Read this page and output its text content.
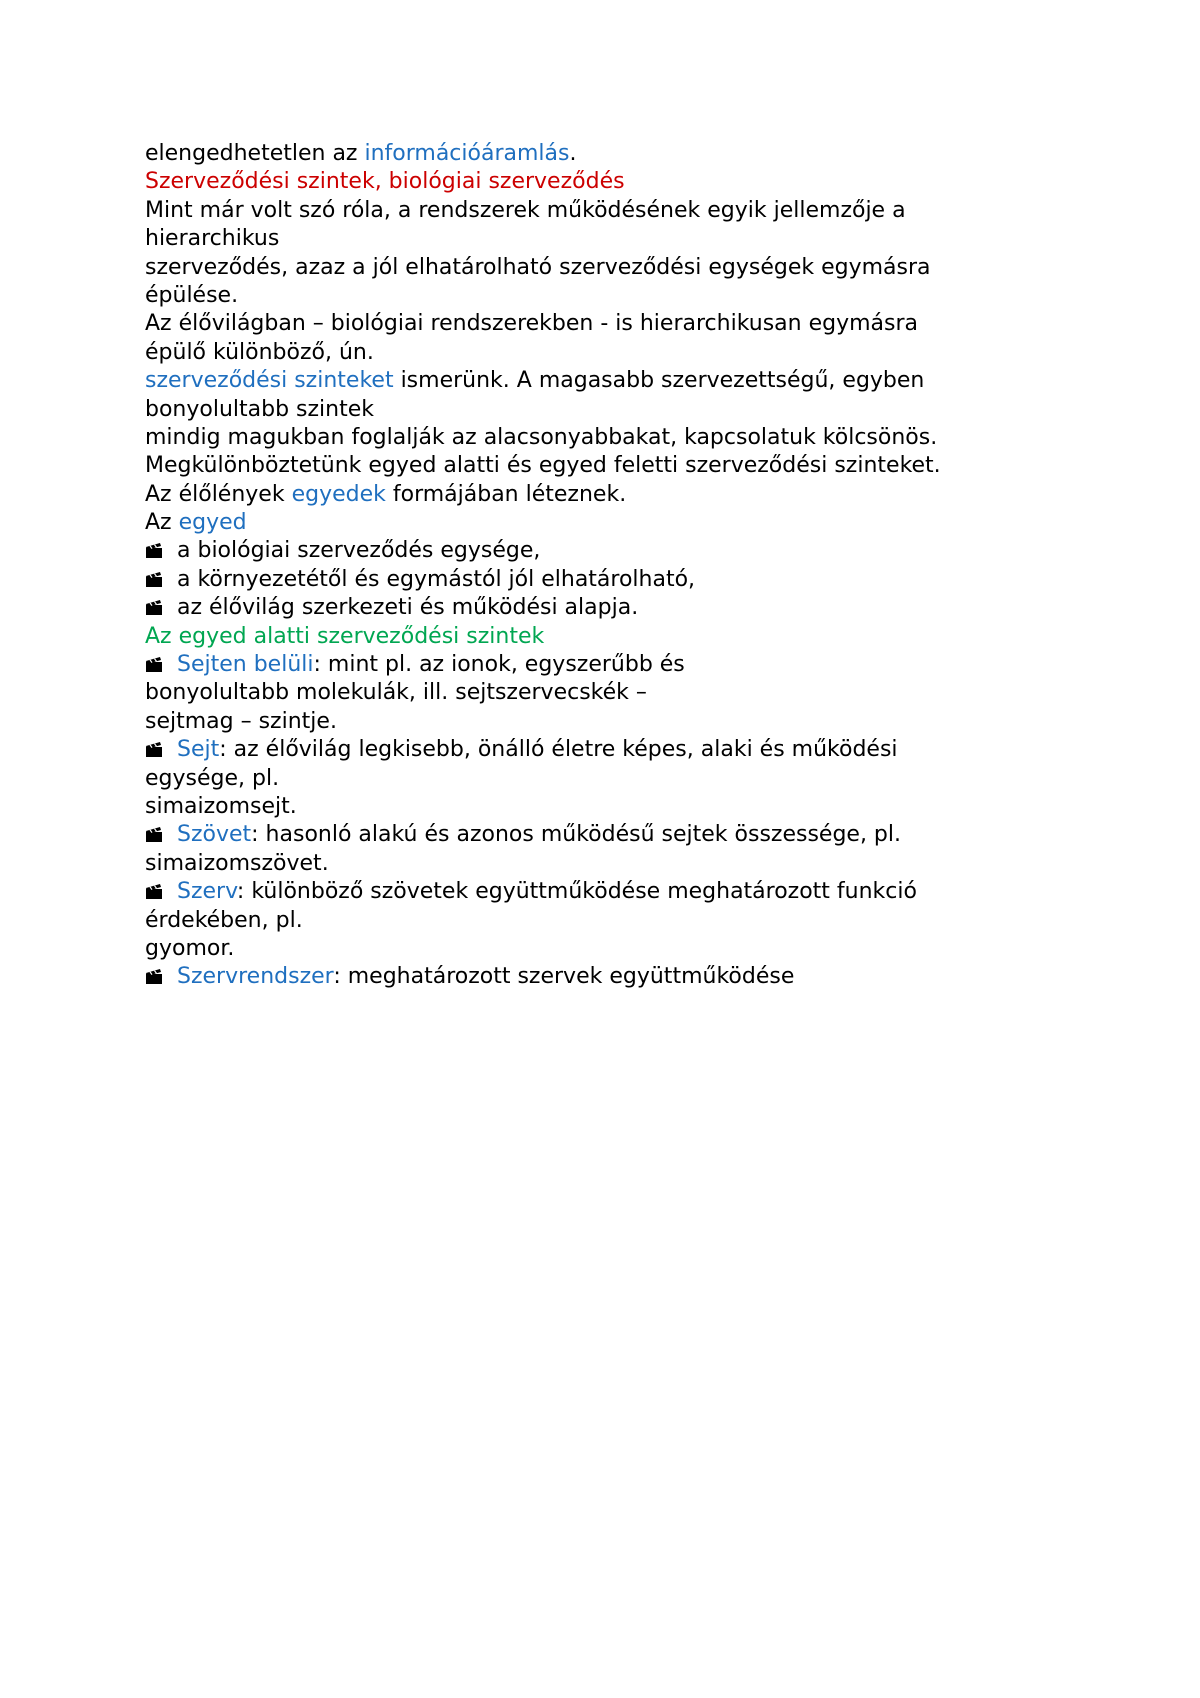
elengedhetetlen az információáramlás.
Szerveződési szintek, biológiai szerveződés
Mint már volt szó róla, a rendszerek működésének egyik jellemzője a
hierarchikus
szerveződés, azaz a jól elhatárolható szerveződési egységek egymásra
épülése.
Az élővilágban – biológiai rendszerekben - is hierarchikusan egymásra
épülő különböző, ún.
szerveződési szinteket ismerünk. A magasabb szervezettségű, egyben
bonyolultabb szintek
mindig magukban foglalják az alacsonyabbakat, kapcsolatuk kölcsönös.
Megkülönböztetünk egyed alatti és egyed feletti szerveződési szinteket.
Az élőlények egyedek formájában léteznek.
Az egyed
a biológiai szerveződés egysége,
a környezetétől és egymástól jól elhatárolható,
az élővilág szerkezeti és működési alapja.
Az egyed alatti szerveződési szintek
Sejten belüli: mint pl. az ionok, egyszerűbb és
bonyolultabb molekulák, ill. sejtszervecskék –
sejtmag – szintje.
Sejt: az élővilág legkisebb, önálló életre képes, alaki és működési
egysége, pl.
simaizomsejt.
Szövet: hasonló alakú és azonos működésű sejtek összessége, pl.
simaizomszövet.
Szerv: különböző szövetek együttműködése meghatározott funkció
érdekében, pl.
gyomor.
Szervrendszer: meghatározott szervek együttműködése
